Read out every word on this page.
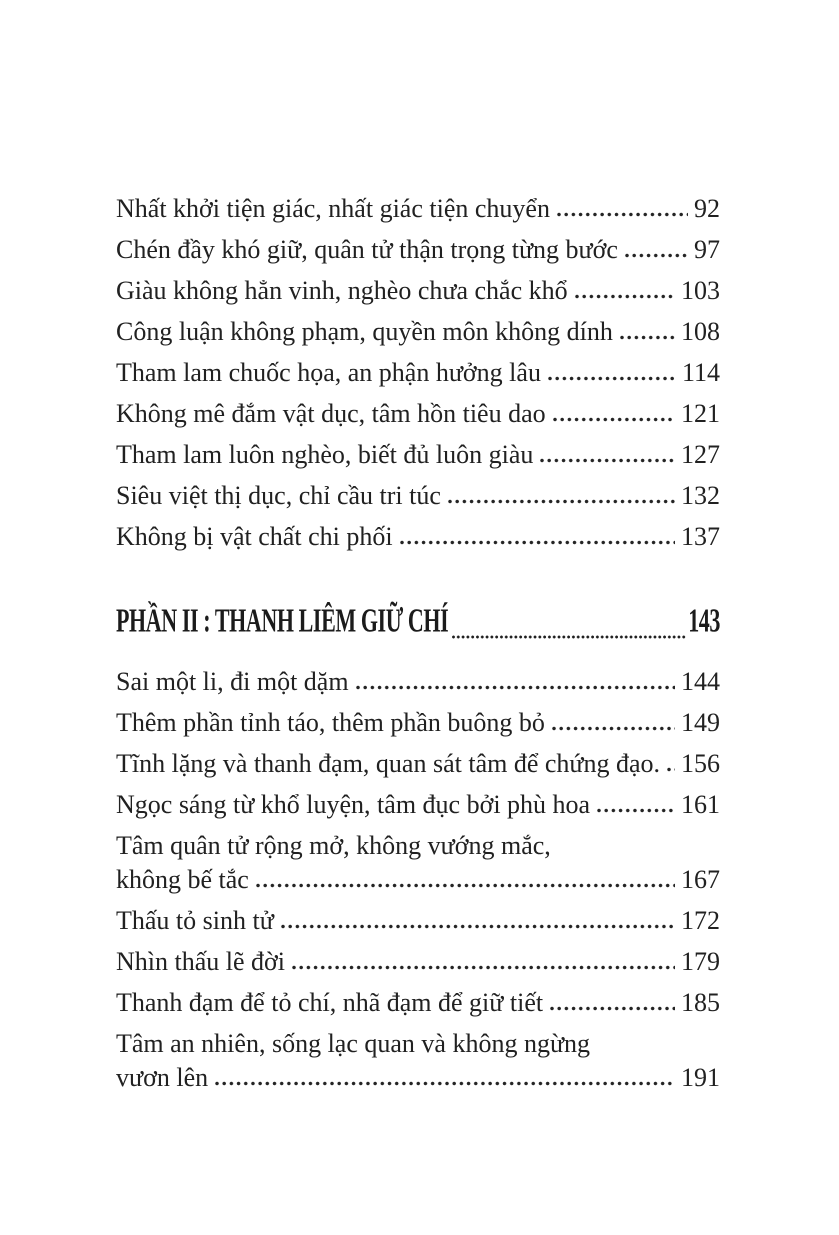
Nhất khởi tiện giác, nhất giác tiện chuyển	92
Chén đầy khó giữ, quân tử thận trọng từng bước	97
Giàu không hẳn vinh, nghèo chưa chắc khổ	103
Công luận không phạm, quyền môn không dính	108
Tham lam chuốc họa, an phận hưởng lâu	114
Không mê đắm vật dục, tâm hồn tiêu dao	121
Tham lam luôn nghèo, biết đủ luôn giàu	127
Siêu việt thị dục, chỉ cầu tri túc	132
Không bị vật chất chi phối	137
PHẦN II : THANH LIÊM GIỮ CHÍ	143
Sai một li, đi một dặm	144
Thêm phần tỉnh táo, thêm phần buông bỏ	149
Tĩnh lặng và thanh đạm, quan sát tâm để chứng đạo. 156
Ngọc sáng từ khổ luyện, tâm đục bởi phù hoa	161
Tâm quân tử rộng mở, không vướng mắc,
không bế tắc	167
Thấu tỏ sinh tử	172
Nhìn thấu lẽ đời	179
Thanh đạm để tỏ chí, nhã đạm để giữ tiết	185
Tâm an nhiên, sống lạc quan và không ngừng
vươn lên	191
